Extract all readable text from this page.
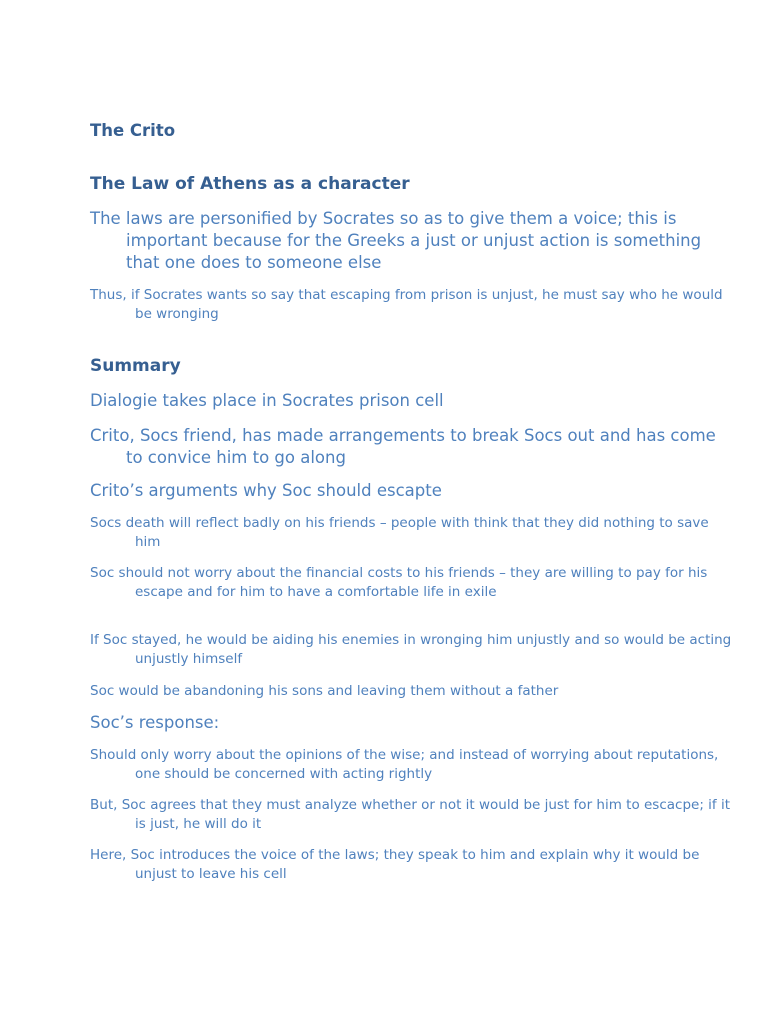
The Crito
The Law of Athens as a character

The laws are personified by Socrates so as to give them a voice; this is important because for the Greeks a just or unjust action is something that one does to someone else

Thus, if Socrates wants so say that escaping from prison is unjust, he must say who he would be wronging

Summary

Dialogie takes place in Socrates prison cell

Crito, Socs friend, has made arrangements to break Socs out and has come to convice him to go along

Crito’s arguments why Soc should escapte

Socs death will reflect badly on his friends – people with think that they did nothing to save him

Soc should not worry about the financial costs to his friends – they are willing to pay for his escape and for him to have a comfortable life in exile

If Soc stayed, he would be aiding his enemies in wronging him unjustly and so would be acting unjustly himself

Soc would be abandoning his sons and leaving them without a father

Soc’s response:

Should only worry about the opinions of the wise; and instead of worrying about reputations, one should be concerned with acting rightly

But, Soc agrees that they must analyze whether or not it would be just for him to escacpe; if it is just, he will do it

Here, Soc introduces the voice of the laws; they speak to him and explain why it would be unjust to leave his cell
